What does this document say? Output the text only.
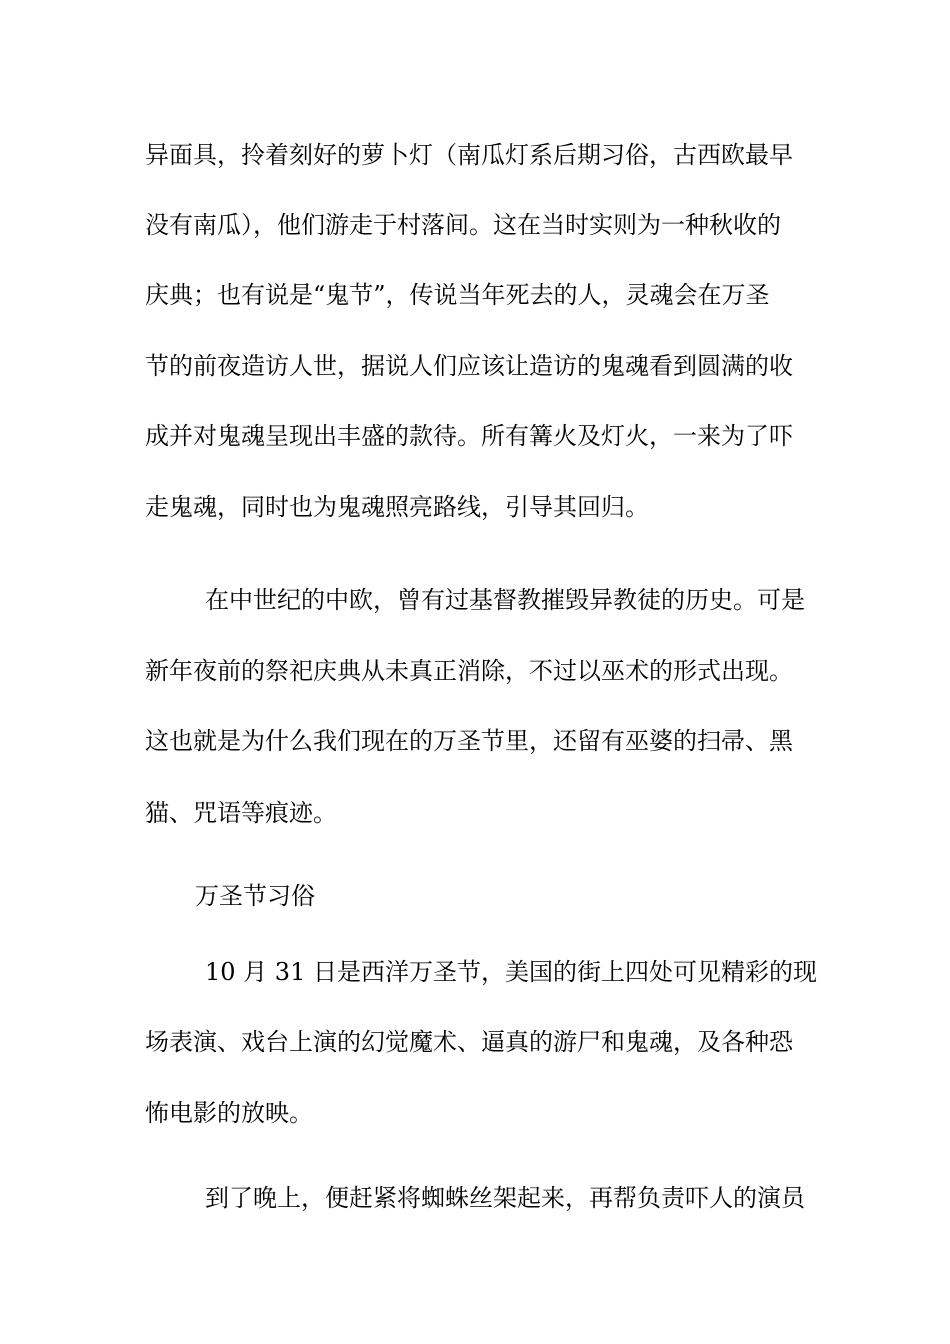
异面具，拎着刻好的萝卜灯（南瓜灯系后期习俗，古西欧最早
没有南瓜），他们游走于村落间。这在当时实则为一种秋收的
庆典；也有说是“鬼节”，传说当年死去的人，灵魂会在万圣
节的前夜造访人世，据说人们应该让造访的鬼魂看到圆满的收
成并对鬼魂呈现出丰盛的款待。所有篝火及灯火，一来为了吓
走鬼魂，同时也为鬼魂照亮路线，引导其回归。
在中世纪的中欧，曾有过基督教摧毁异教徒的历史。可是
新年夜前的祭祀庆典从未真正消除，不过以巫术的形式出现。
这也就是为什么我们现在的万圣节里，还留有巫婆的扫帚、黑
猫、咒语等痕迹。
万圣节习俗
10 月 31 日是西洋万圣节，美国的街上四处可见精彩的现
场表演、戏台上演的幻觉魔术、逼真的游尸和鬼魂，及各种恐
怖电影的放映。
到了晚上，便赶紧将蜘蛛丝架起来，再帮负责吓人的演员
